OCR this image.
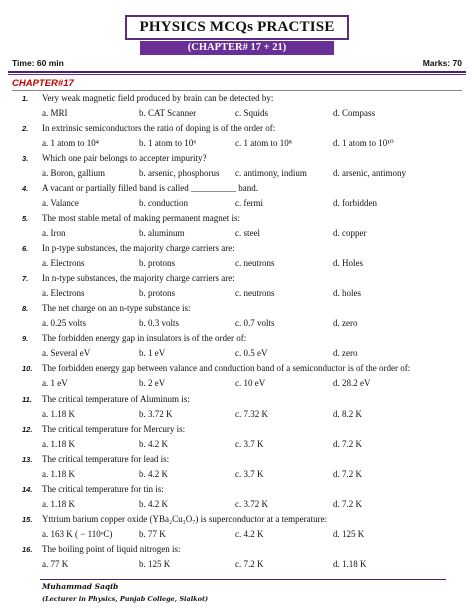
PHYSICS MCQs PRACTISE
(CHAPTER# 17 + 21)
Time: 60 min	Marks: 70
CHAPTER#17
1.	Very weak magnetic field produced by brain can be detected by:
a. MRI	b. CAT Scanner	c. Squids	d. Compass
2.	In extrinsic semiconductors the ratio of doping is of the order of:
a. 1 atom to 10⁴	b. 1 atom to 10⁶	c. 1 atom to 10⁸	d. 1 atom to 10¹⁰
3.	Which one pair belongs to accepter impurity?
a. Boron, gallium	b. arsenic, phosphorus c. antimony, indium	d. arsenic, antimony
4.	A vacant or partially filled band is called __________ band.
a. Valance	b. conduction	c. fermi	d. forbidden
5.	The most stable metal of making permanent magnet is:
a. Iron	b. aluminum	c. steel	d. copper
6.	In p-type substances, the majority charge carriers are:
a. Electrons	b. protons	c. neutrons	d. Holes
7.	In n-type substances, the majority charge carriers are:
a. Electrons	b. protons	c. neutrons	d. holes
8.	The net charge on an n-type substance is:
a. 0.25 volts	b. 0.3 volts	c. 0.7 volts	d. zero
9.	The forbidden energy gap in insulators is of the order of:
a. Several eV	b. 1 eV	c. 0.5 eV	d. zero
10.	The forbidden energy gap between valance and conduction band of a semiconductor is of the order of:
a. 1 eV	b. 2 eV	c. 10 eV	d. 28.2 eV
11.	The critical temperature of Aluminum is:
a. 1.18 K	b. 3.72 K	c. 7.32 K	d. 8.2 K
12.	The critical temperature for Mercury is:
a. 1.18 K	b. 4.2 K	c. 3.7 K	d. 7.2 K
13.	The critical temperature for lead is:
a. 1.18 K	b. 4.2 K	c. 3.7 K	d. 7.2 K
14.	The critical temperature for tin is:
a. 1.18 K	b. 4.2 K	c. 3.72 K	d. 7.2 K
15.	Yttrium barium copper oxide (YBa₂Cu₃O₇) is superconductor at a temperature:
a. 163 K ( − 110ᵒC)	b. 77 K	c. 4.2 K	d. 125 K
16.	The boiling point of liquid nitrogen is:
a. 77 K	b. 125 K	c. 7.2 K	d. 1.18 K
Muhammad Saqib
(Lecturer in Physics, Punjab College, Sialkot)
